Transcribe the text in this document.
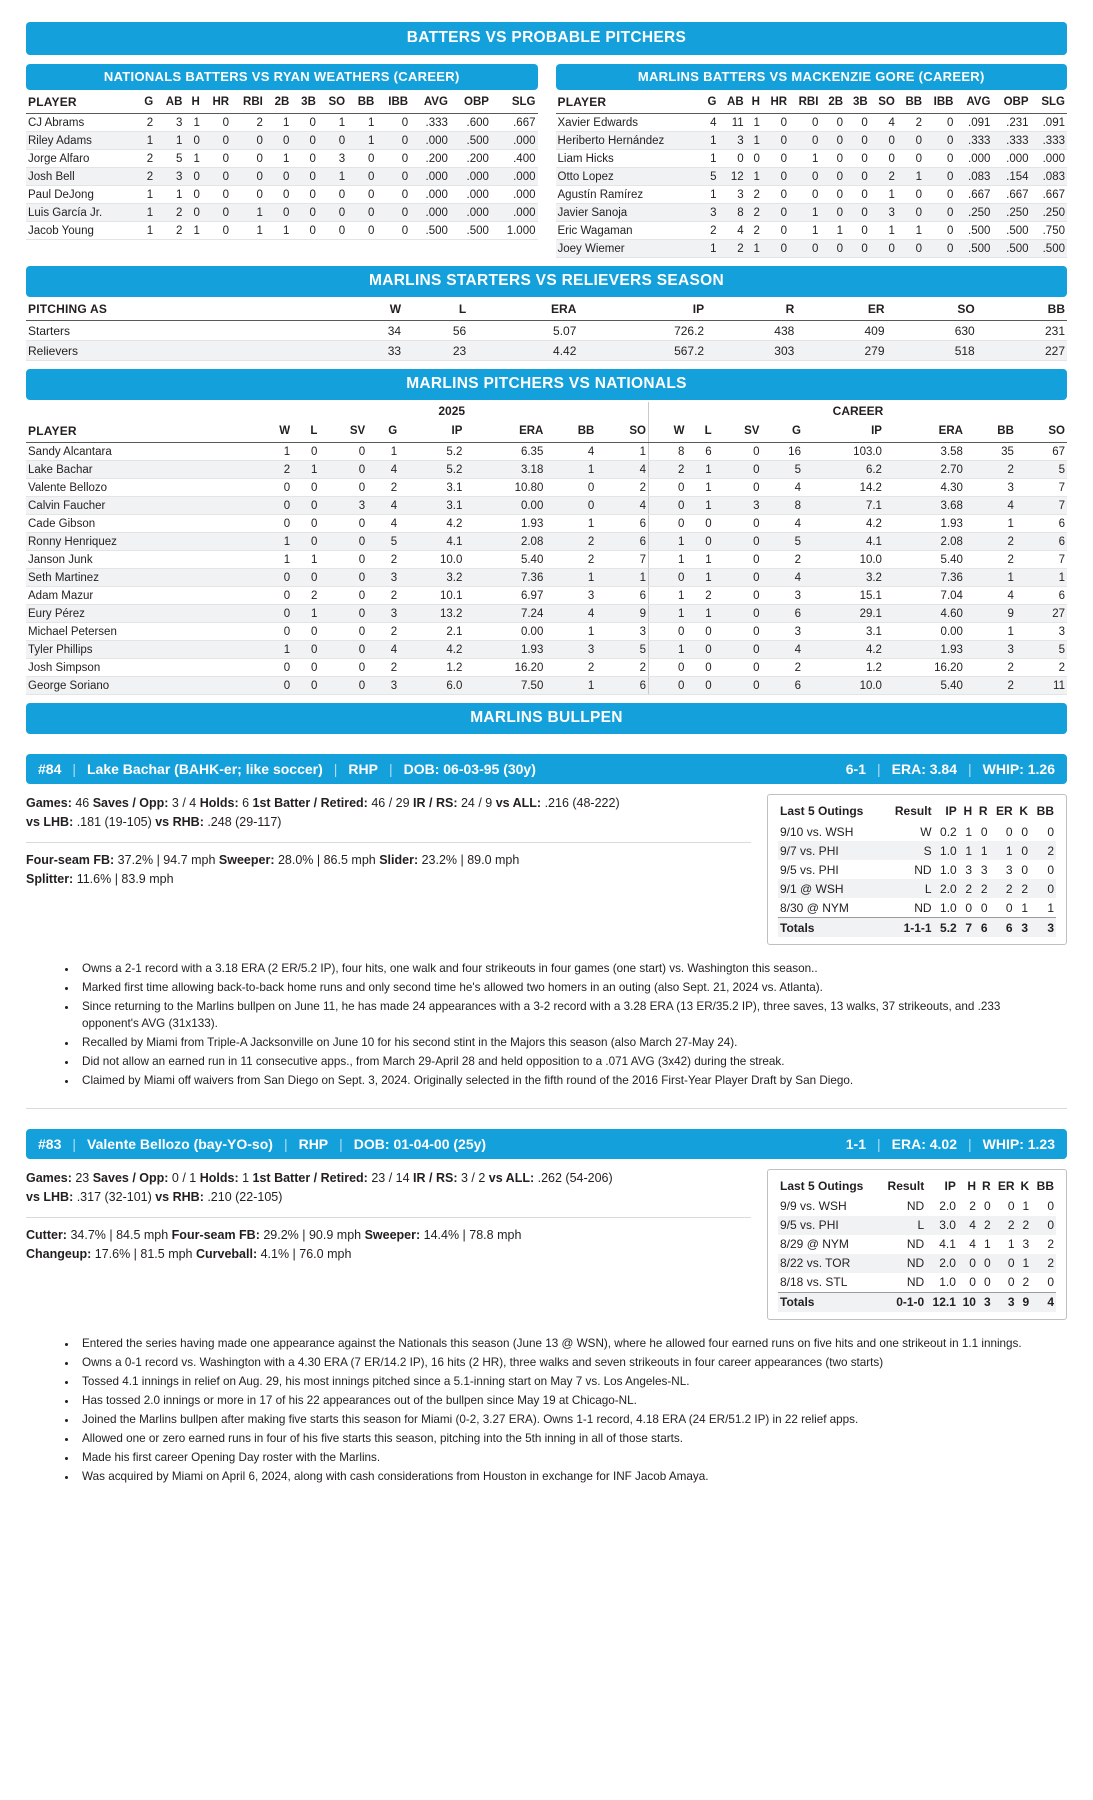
BATTERS VS PROBABLE PITCHERS
NATIONALS BATTERS VS RYAN WEATHERS (CAREER)
PLAYER	G	AB	H	HR	RBI	2B	3B	SO	BB	IBB	AVG	OBP	SLG
CJ Abrams	2	3	1	0	2	1	0	1	1	0	.333	.600	.667
Riley Adams	1	1	0	0	0	0	0	0	1	0	.000	.500	.000
Jorge Alfaro	2	5	1	0	0	1	0	3	0	0	.200	.200	.400
Josh Bell	2	3	0	0	0	0	0	1	0	0	.000	.000	.000
Paul DeJong	1	1	0	0	0	0	0	0	0	0	.000	.000	.000
Luis García Jr.	1	2	0	0	1	0	0	0	0	0	.000	.000	.000
Jacob Young	1	2	1	0	1	1	0	0	0	0	.500	.500	1.000
MARLINS BATTERS VS MACKENZIE GORE (CAREER)
PLAYER	G	AB	H	HR	RBI	2B	3B	SO	BB	IBB	AVG	OBP	SLG
Xavier Edwards	4	11	1	0	0	0	0	4	2	0	.091	.231	.091
Heriberto Hernández	1	3	1	0	0	0	0	0	0	0	.333	.333	.333
Liam Hicks	1	0	0	0	1	0	0	0	0	0	.000	.000	.000
Otto Lopez	5	12	1	0	0	0	0	2	1	0	.083	.154	.083
Agustín Ramírez	1	3	2	0	0	0	0	1	0	0	.667	.667	.667
Javier Sanoja	3	8	2	0	1	0	0	3	0	0	.250	.250	.250
Eric Wagaman	2	4	2	0	1	1	0	1	1	0	.500	.500	.750
Joey Wiemer	1	2	1	0	0	0	0	0	0	0	.500	.500	.500
MARLINS STARTERS VS RELIEVERS SEASON
PITCHING AS	W	L	ERA	IP	R	ER	SO	BB
Starters	34	56	5.07	726.2	438	409	630	231
Relievers	33	23	4.42	567.2	303	279	518	227
MARLINS PITCHERS VS NATIONALS
	2025								CAREER							
PLAYER	W	L	SV	G	IP	ERA	BB	SO	W	L	SV	G	IP	ERA	BB	SO
Sandy Alcantara	1	0	0	1	5.2	6.35	4	1	8	6	0	16	103.0	3.58	35	67
Lake Bachar	2	1	0	4	5.2	3.18	1	4	2	1	0	5	6.2	2.70	2	5
Valente Bellozo	0	0	0	2	3.1	10.80	0	2	0	1	0	4	14.2	4.30	3	7
Calvin Faucher	0	0	3	4	3.1	0.00	0	4	0	1	3	8	7.1	3.68	4	7
Cade Gibson	0	0	0	4	4.2	1.93	1	6	0	0	0	4	4.2	1.93	1	6
Ronny Henriquez	1	0	0	5	4.1	2.08	2	6	1	0	0	5	4.1	2.08	2	6
Janson Junk	1	1	0	2	10.0	5.40	2	7	1	1	0	2	10.0	5.40	2	7
Seth Martinez	0	0	0	3	3.2	7.36	1	1	0	1	0	4	3.2	7.36	1	1
Adam Mazur	0	2	0	2	10.1	6.97	3	6	1	2	0	3	15.1	7.04	4	6
Eury Pérez	0	1	0	3	13.2	7.24	4	9	1	1	0	6	29.1	4.60	9	27
Michael Petersen	0	0	0	2	2.1	0.00	1	3	0	0	0	3	3.1	0.00	1	3
Tyler Phillips	1	0	0	4	4.2	1.93	3	5	1	0	0	4	4.2	1.93	3	5
Josh Simpson	0	0	0	2	1.2	16.20	2	2	0	0	0	2	1.2	16.20	2	2
George Soriano	0	0	0	3	6.0	7.50	1	6	0	0	0	6	10.0	5.40	2	11
MARLINS BULLPEN
#84 | Lake Bachar (BAHK-er; like soccer) | RHP | DOB: 06-03-95 (30y)	6-1 | ERA: 3.84 | WHIP: 1.26
Games: 46 Saves / Opp: 3 / 4 Holds: 6 1st Batter / Retired: 46 / 29 IR / RS: 24 / 9 vs ALL: .216 (48-222)
vs LHB: .181 (19-105) vs RHB: .248 (29-117)
Four-seam FB: 37.2% | 94.7 mph Sweeper: 28.0% | 86.5 mph Slider: 23.2% | 89.0 mph
Splitter: 11.6% | 83.9 mph
Last 5 Outings	Result	IP	H	R	ER	K	BB
9/10 vs. WSH	W	0.2	1	0	0	0	0
9/7 vs. PHI	S	1.0	1	1	1	0	2
9/5 vs. PHI	ND	1.0	3	3	3	0	0
9/1 @ WSH	L	2.0	2	2	2	2	0
8/30 @ NYM	ND	1.0	0	0	0	1	1
Totals	1-1-1	5.2	7	6	6	3	3
• Owns a 2-1 record with a 3.18 ERA (2 ER/5.2 IP), four hits, one walk and four strikeouts in four games (one start) vs. Washington this season..
• Marked first time allowing back-to-back home runs and only second time he's allowed two homers in an outing (also Sept. 21, 2024 vs. Atlanta).
• Since returning to the Marlins bullpen on June 11, he has made 24 appearances with a 3-2 record with a 3.28 ERA (13 ER/35.2 IP), three saves, 13 walks, 37 strikeouts, and .233 opponent's AVG (31x133).
• Recalled by Miami from Triple-A Jacksonville on June 10 for his second stint in the Majors this season (also March 27-May 24).
• Did not allow an earned run in 11 consecutive apps., from March 29-April 28 and held opposition to a .071 AVG (3x42) during the streak.
• Claimed by Miami off waivers from San Diego on Sept. 3, 2024. Originally selected in the fifth round of the 2016 First-Year Player Draft by San Diego.
#83 | Valente Bellozo (bay-YO-so) | RHP | DOB: 01-04-00 (25y)	1-1 | ERA: 4.02 | WHIP: 1.23
Games: 23 Saves / Opp: 0 / 1 Holds: 1 1st Batter / Retired: 23 / 14 IR / RS: 3 / 2 vs ALL: .262 (54-206)
vs LHB: .317 (32-101) vs RHB: .210 (22-105)
Cutter: 34.7% | 84.5 mph Four-seam FB: 29.2% | 90.9 mph Sweeper: 14.4% | 78.8 mph
Changeup: 17.6% | 81.5 mph Curveball: 4.1% | 76.0 mph
Last 5 Outings	Result	IP	H	R	ER	K	BB
9/9 vs. WSH	ND	2.0	2	0	0	1	0
9/5 vs. PHI	L	3.0	4	2	2	2	0
8/29 @ NYM	ND	4.1	4	1	1	3	2
8/22 vs. TOR	ND	2.0	0	0	0	1	2
8/18 vs. STL	ND	1.0	0	0	0	2	0
Totals	0-1-0	12.1	10	3	3	9	4
• Entered the series having made one appearance against the Nationals this season (June 13 @ WSN), where he allowed four earned runs on five hits and one strikeout in 1.1 innings.
• Owns a 0-1 record vs. Washington with a 4.30 ERA (7 ER/14.2 IP), 16 hits (2 HR), three walks and seven strikeouts in four career appearances (two starts)
• Tossed 4.1 innings in relief on Aug. 29, his most innings pitched since a 5.1-inning start on May 7 vs. Los Angeles-NL.
• Has tossed 2.0 innings or more in 17 of his 22 appearances out of the bullpen since May 19 at Chicago-NL.
• Joined the Marlins bullpen after making five starts this season for Miami (0-2, 3.27 ERA). Owns 1-1 record, 4.18 ERA (24 ER/51.2 IP) in 22 relief apps.
• Allowed one or zero earned runs in four of his five starts this season, pitching into the 5th inning in all of those starts.
• Made his first career Opening Day roster with the Marlins.
• Was acquired by Miami on April 6, 2024, along with cash considerations from Houston in exchange for INF Jacob Amaya.
